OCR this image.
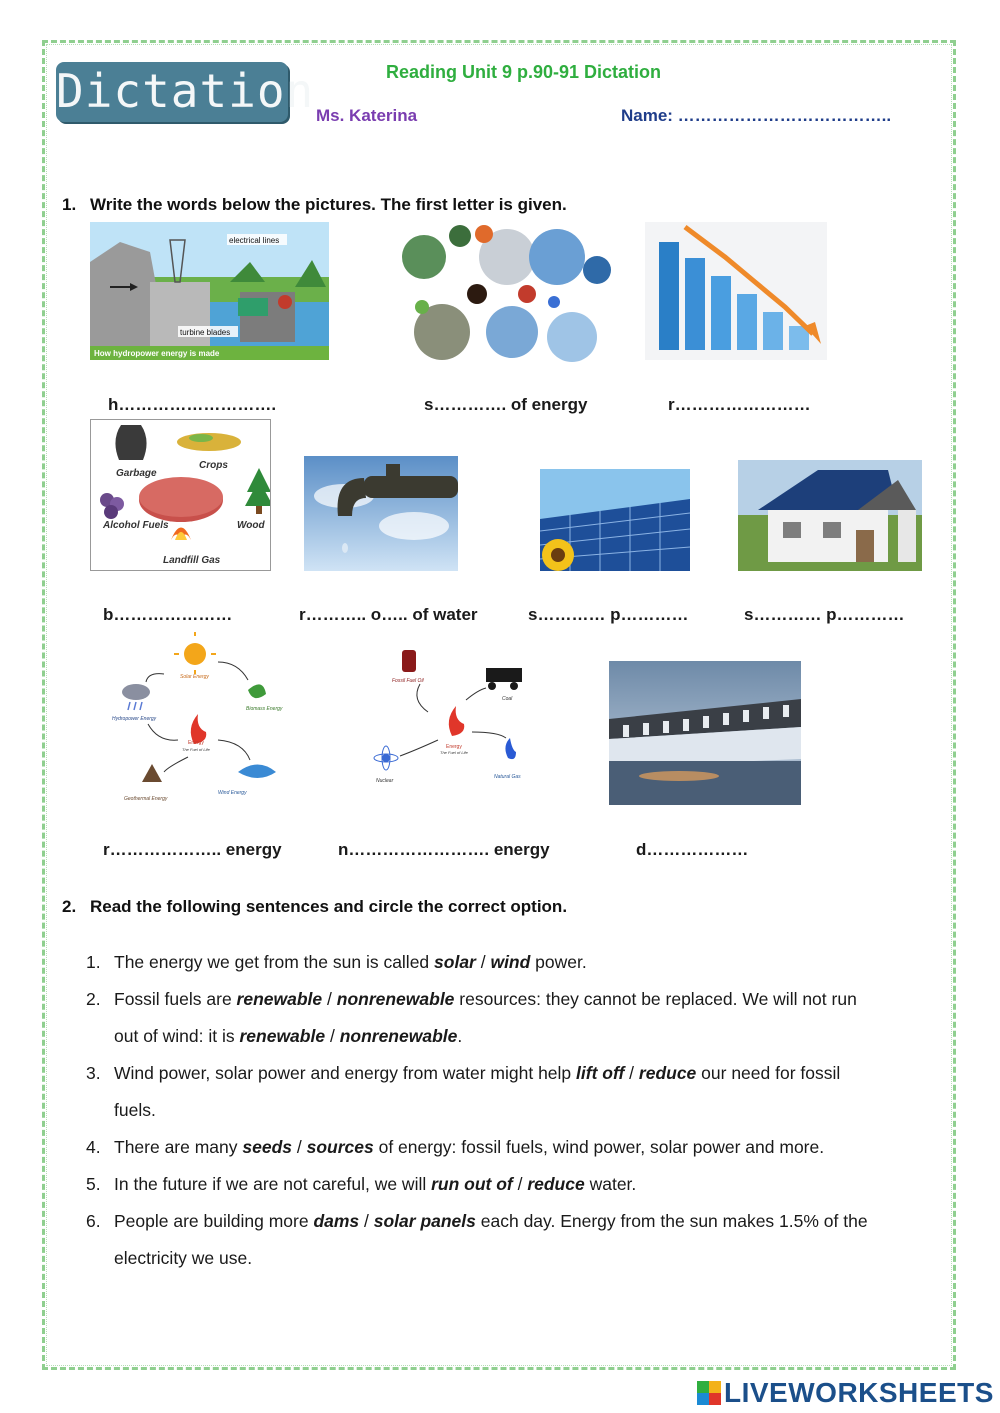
Dictation	Reading Unit 9 p.90-91 Dictation
Ms. Katerina	Name: ………………………………..
1. Write the words below the pictures. The first letter is given.
electrical lines
turbine blades
How hydropower energy is made
h……………………….	s…………. of energy	r……………………
Garbage
Crops
Alcohol Fuels	Wood
Landfill Gas
b…………………	r……….. o….. of water	s………… p…………	s………… p…………
Solar Energy
Biomass Energy
Hydropower Energy
Energy
The Fuel of Life
Geothermal Energy
Wind Energy
Fossil Fuel Oil
Coal
Energy
The Fuel of Life
Nuclear
Natural Gas
r……………….. energy	n……………………. energy	d………………
2. Read the following sentences and circle the correct option.
1. The energy we get from the sun is called solar / wind power.
2. Fossil fuels are renewable / nonrenewable resources: they cannot be replaced. We will not run
out of wind: it is renewable / nonrenewable.
3. Wind power, solar power and energy from water might help lift off / reduce our need for fossil
fuels.
4. There are many seeds / sources of energy: fossil fuels, wind power, solar power and more.
5. In the future if we are not careful, we will run out of / reduce water.
6. People are building more dams / solar panels each day. Energy from the sun makes 1.5% of the
electricity we use.
LIVEWORKSHEETS
